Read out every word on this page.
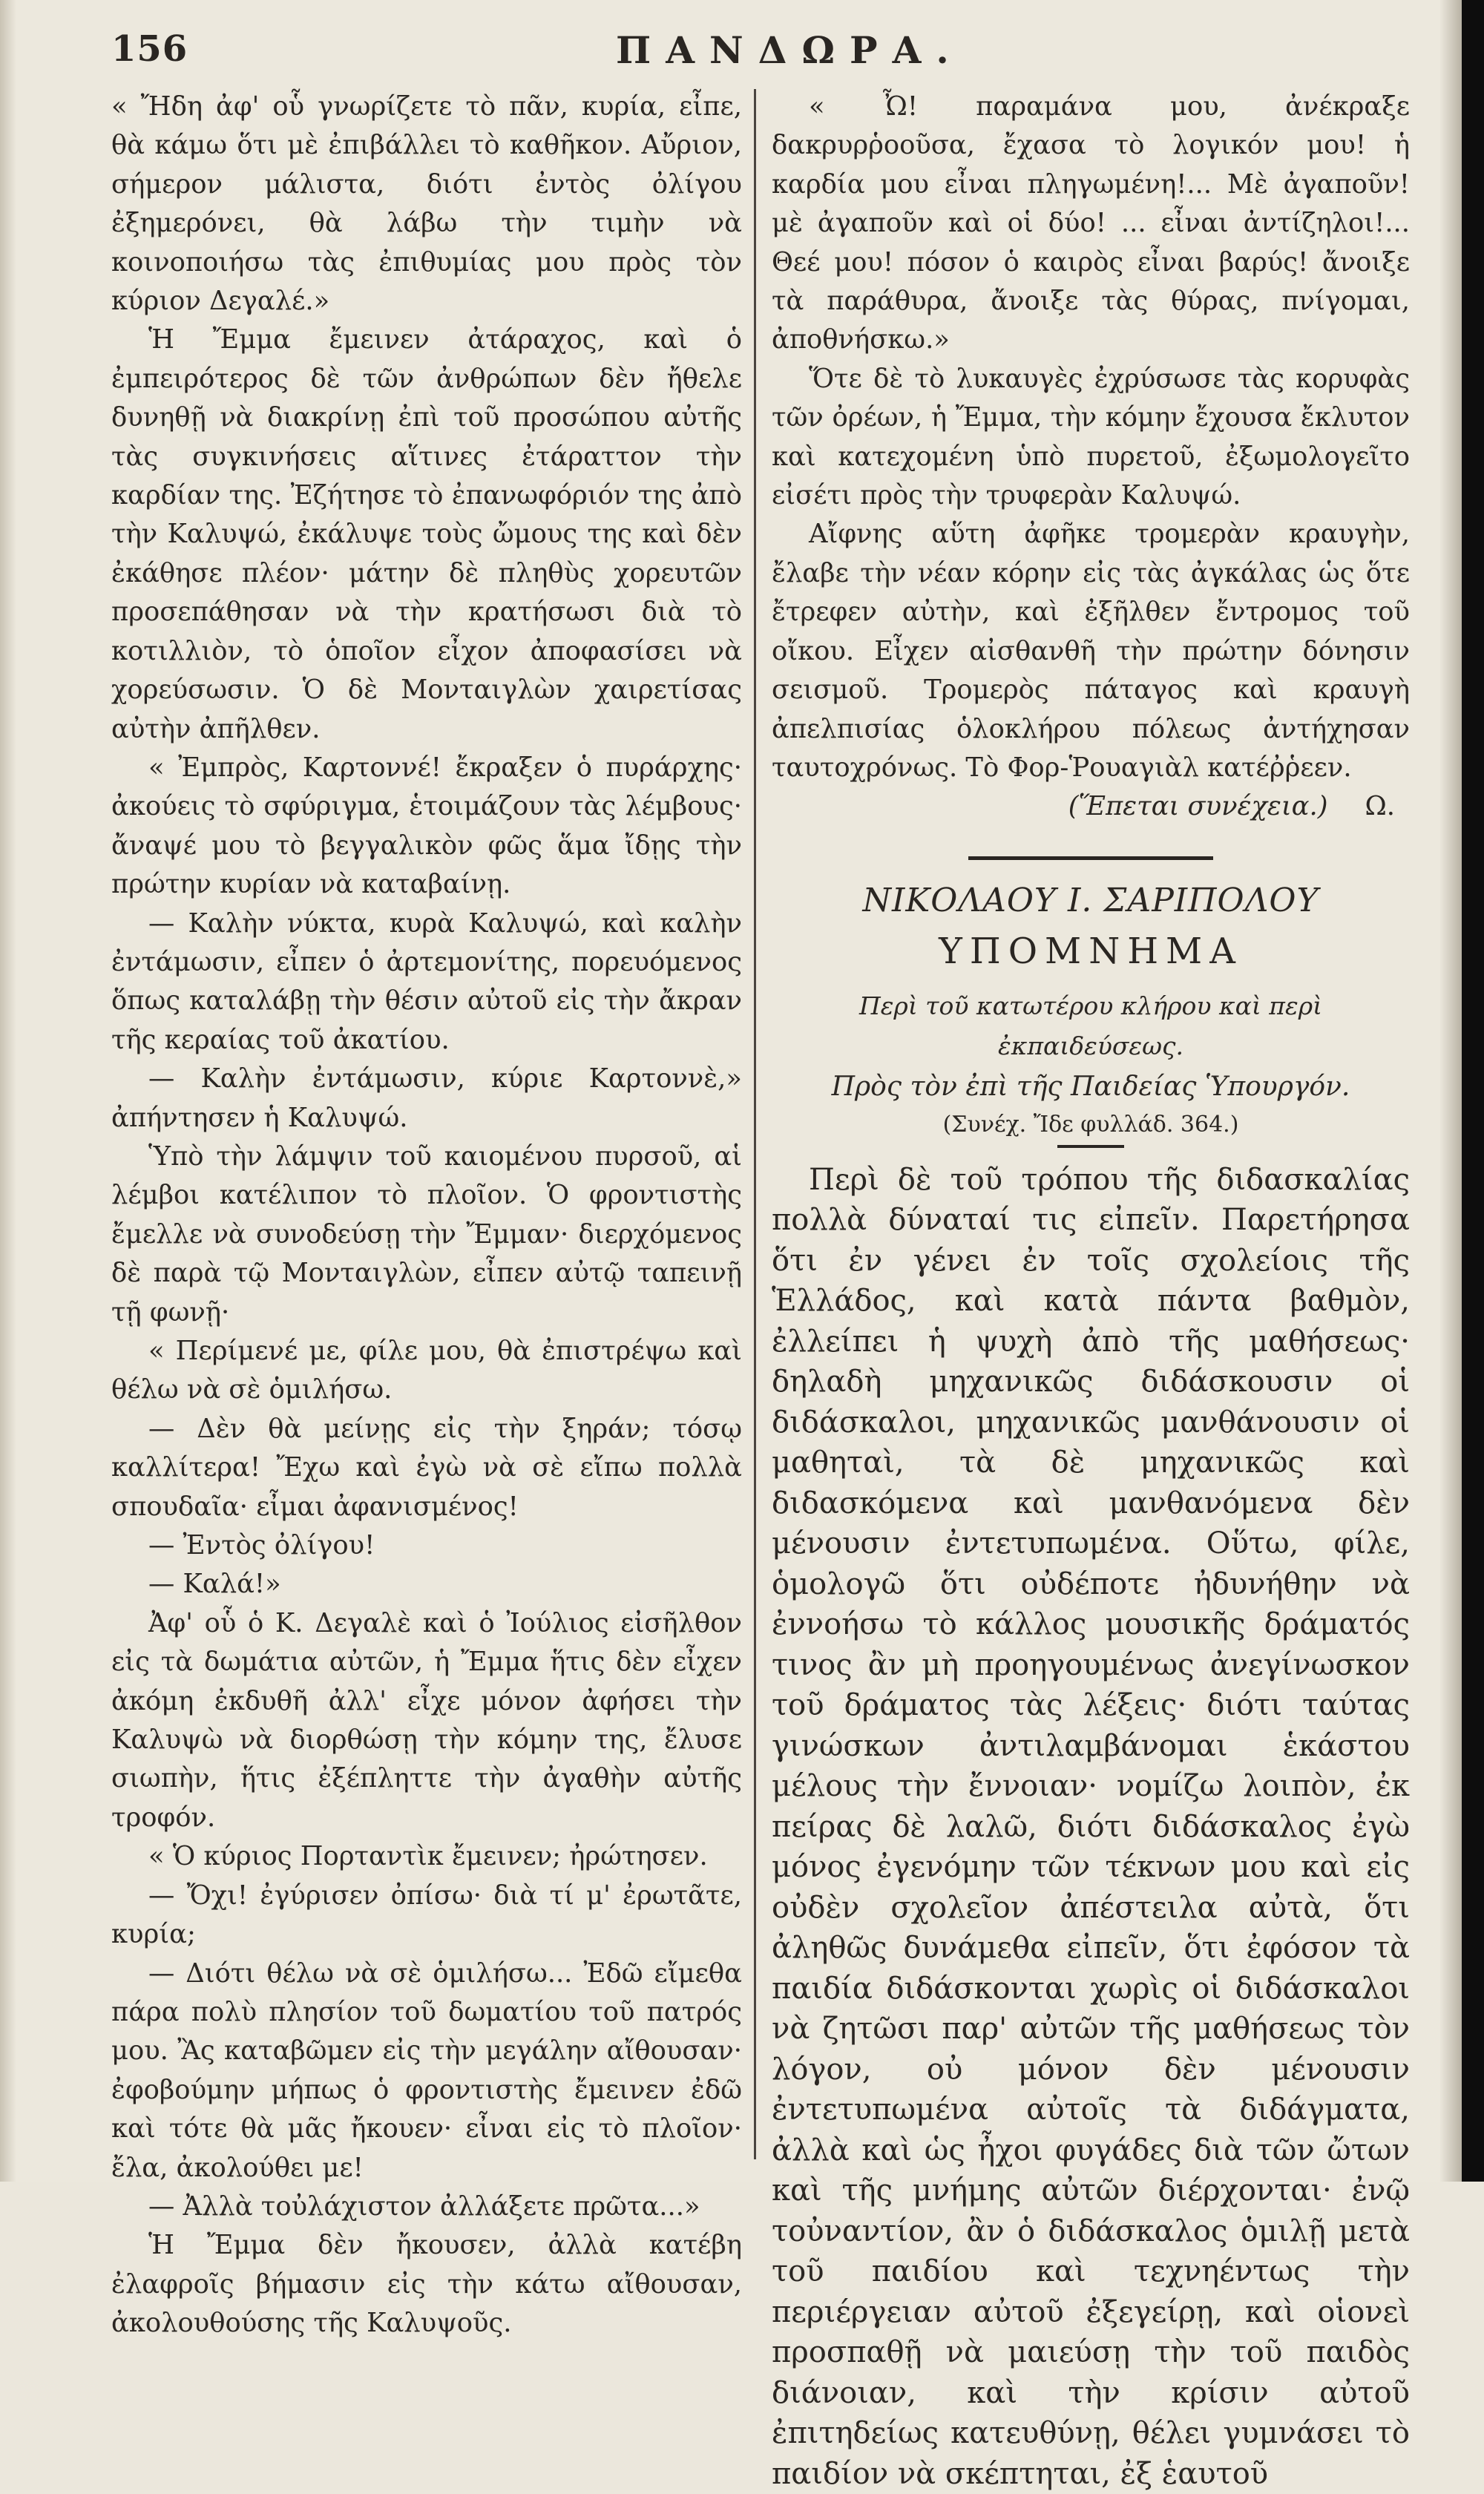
156	ΠΑΝΔΩΡΑ.

« Ἤδη ἀφ' οὗ γνωρίζετε τὸ πᾶν, κυρία, εἶπε, θὰ κάμω ὅτι μὲ ἐπιβάλλει τὸ καθῆκον. Αὔριον, σήμερον μάλιστα, διότι ἐντὸς ὀλίγου ἐξημερόνει, θὰ λάβω τὴν τιμὴν νὰ κοινοποιήσω τὰς ἐπιθυμίας μου πρὸς τὸν κύριον Δεγαλέ.»

Ἡ Ἔμμα ἔμεινεν ἀτάραχος, καὶ ὁ ἐμπειρότερος δὲ τῶν ἀνθρώπων δὲν ἤθελε δυνηθῇ νὰ διακρίνῃ ἐπὶ τοῦ προσώπου αὐτῆς τὰς συγκινήσεις αἵτινες ἐτάραττον τὴν καρδίαν της. Ἐζήτησε τὸ ἐπανωφόριόν της ἀπὸ τὴν Καλυψώ, ἐκάλυψε τοὺς ὤμους της καὶ δὲν ἐκάθησε πλέον· μάτην δὲ πληθὺς χορευτῶν προσεπάθησαν νὰ τὴν κρατήσωσι διὰ τὸ κοτιλλιὸν, τὸ ὁποῖον εἶχον ἀποφασίσει νὰ χορεύσωσιν. Ὁ δὲ Μονταιγλὼν χαιρετίσας αὐτὴν ἀπῆλθεν.

« Ἐμπρὸς, Καρτοννέ! ἔκραξεν ὁ πυράρχης· ἀκούεις τὸ σφύριγμα, ἑτοιμάζουν τὰς λέμβους· ἄναψέ μου τὸ βεγγαλικὸν φῶς ἅμα ἴδῃς τὴν πρώτην κυρίαν νὰ καταβαίνῃ.

— Καλὴν νύκτα, κυρὰ Καλυψώ, καὶ καλὴν ἐντάμωσιν, εἶπεν ὁ ἀρτεμονίτης, πορευόμενος ὅπως καταλάβῃ τὴν θέσιν αὐτοῦ εἰς τὴν ἄκραν τῆς κεραίας τοῦ ἀκατίου.

— Καλὴν ἐντάμωσιν, κύριε Καρτοννὲ,» ἀπήντησεν ἡ Καλυψώ.

Ὑπὸ τὴν λάμψιν τοῦ καιομένου πυρσοῦ, αἱ λέμβοι κατέλιπον τὸ πλοῖον. Ὁ φροντιστὴς ἔμελλε νὰ συνοδεύσῃ τὴν Ἔμμαν· διερχόμενος δὲ παρὰ τῷ Μονταιγλὼν, εἶπεν αὐτῷ ταπεινῇ τῇ φωνῇ·

« Περίμενέ με, φίλε μου, θὰ ἐπιστρέψω καὶ θέλω νὰ σὲ ὁμιλήσω.

— Δὲν θὰ μείνῃς εἰς τὴν ξηράν; τόσῳ καλλίτερα! Ἔχω καὶ ἐγὼ νὰ σὲ εἴπω πολλὰ σπουδαῖα· εἶμαι ἀφανισμένος!

— Ἐντὸς ὀλίγου!

— Καλά!»

Ἀφ' οὗ ὁ Κ. Δεγαλὲ καὶ ὁ Ἰούλιος εἰσῆλθον εἰς τὰ δωμάτια αὐτῶν, ἡ Ἔμμα ἥτις δὲν εἶχεν ἀκόμη ἐκδυθῆ ἀλλ' εἶχε μόνον ἀφήσει τὴν Καλυψὼ νὰ διορθώσῃ τὴν κόμην της, ἔλυσε σιωπὴν, ἥτις ἐξέπληττε τὴν ἀγαθὴν αὐτῆς τροφόν.

« Ὁ κύριος Πορταντὶκ ἔμεινεν; ἠρώτησεν.

— Ὄχι! ἐγύρισεν ὀπίσω· διὰ τί μ' ἐρωτᾶτε, κυρία;

— Διότι θέλω νὰ σὲ ὁμιλήσω... Ἐδῶ εἴμεθα πάρα πολὺ πλησίον τοῦ δωματίου τοῦ πατρός μου. Ἂς καταβῶμεν εἰς τὴν μεγάλην αἴθουσαν· ἐφοβούμην μήπως ὁ φροντιστὴς ἔμεινεν ἐδῶ καὶ τότε θὰ μᾶς ἤκουεν· εἶναι εἰς τὸ πλοῖον· ἔλα, ἀκολούθει με!

— Ἀλλὰ τοὐλάχιστον ἀλλάξετε πρῶτα...»

Ἡ Ἔμμα δὲν ἤκουσεν, ἀλλὰ κατέβη ἐλαφροῖς βήμασιν εἰς τὴν κάτω αἴθουσαν, ἀκολουθούσης τῆς Καλυψοῦς.

« Ὦ! παραμάνα μου, ἀνέκραξε δακρυρῥοοῦσα, ἔχασα τὸ λογικόν μου! ἡ καρδία μου εἶναι πληγωμένη!... Μὲ ἀγαποῦν! μὲ ἀγαποῦν καὶ οἱ δύο! ... εἶναι ἀντίζηλοι!... Θεέ μου! πόσον ὁ καιρὸς εἶναι βαρύς! ἄνοιξε τὰ παράθυρα, ἄνοιξε τὰς θύρας, πνίγομαι, ἀποθνήσκω.»

Ὅτε δὲ τὸ λυκαυγὲς ἐχρύσωσε τὰς κορυφὰς τῶν ὀρέων, ἡ Ἔμμα, τὴν κόμην ἔχουσα ἔκλυτον καὶ κατεχομένη ὑπὸ πυρετοῦ, ἐξωμολογεῖτο εἰσέτι πρὸς τὴν τρυφερὰν Καλυψώ.

Αἴφνης αὕτη ἀφῆκε τρομερὰν κραυγὴν, ἔλαβε τὴν νέαν κόρην εἰς τὰς ἀγκάλας ὡς ὅτε ἔτρεφεν αὐτὴν, καὶ ἐξῆλθεν ἔντρομος τοῦ οἴκου. Εἶχεν αἰσθανθῆ τὴν πρώτην δόνησιν σεισμοῦ. Τρομερὸς πάταγος καὶ κραυγὴ ἀπελπισίας ὁλοκλήρου πόλεως ἀντήχησαν ταυτοχρόνως. Τὸ Φορ-Ῥουαγιὰλ κατέῤῥεεν.

(Ἕπεται συνέχεια.) Ω.
ΝΙΚΟΛΑΟΥ Ι. ΣΑΡΙΠΟΛΟΥ
ΥΠΟΜΝΗΜΑ
Περὶ τοῦ κατωτέρου κλήρου καὶ περὶ ἐκπαιδεύσεως.
Πρὸς τὸν ἐπὶ τῆς Παιδείας Ὑπουργόν.
(Συνέχ. Ἴδε φυλλάδ. 364.)

Περὶ δὲ τοῦ τρόπου τῆς διδασκαλίας πολλὰ δύναταί τις εἰπεῖν. Παρετήρησα ὅτι ἐν γένει ἐν τοῖς σχολείοις τῆς Ἑλλάδος, καὶ κατὰ πάντα βαθμὸν, ἐλλείπει ἡ ψυχὴ ἀπὸ τῆς μαθήσεως· δηλαδὴ μηχανικῶς διδάσκουσιν οἱ διδάσκαλοι, μηχανικῶς μανθάνουσιν οἱ μαθηταὶ, τὰ δὲ μηχανικῶς καὶ διδασκόμενα καὶ μανθανόμενα δὲν μένουσιν ἐντετυπωμένα. Οὕτω, φίλε, ὁμολογῶ ὅτι οὐδέποτε ἠδυνήθην νὰ ἐννοήσω τὸ κάλλος μουσικῆς δράματός τινος ἂν μὴ προηγουμένως ἀνεγίνωσκον τοῦ δράματος τὰς λέξεις· διότι ταύτας γινώσκων ἀντιλαμβάνομαι ἑκάστου μέλους τὴν ἔννοιαν· νομίζω λοιπὸν, ἐκ πείρας δὲ λαλῶ, διότι διδάσκαλος ἐγὼ μόνος ἐγενόμην τῶν τέκνων μου καὶ εἰς οὐδὲν σχολεῖον ἀπέστειλα αὐτὰ, ὅτι ἀληθῶς δυνάμεθα εἰπεῖν, ὅτι ἐφόσον τὰ παιδία διδάσκονται χωρὶς οἱ διδάσκαλοι νὰ ζητῶσι παρ' αὐτῶν τῆς μαθήσεως τὸν λόγον, οὐ μόνον δὲν μένουσιν ἐντετυπωμένα αὐτοῖς τὰ διδάγματα, ἀλλὰ καὶ ὡς ἦχοι φυγάδες διὰ τῶν ὤτων καὶ τῆς μνήμης αὐτῶν διέρχονται· ἐνῷ τοὐναντίον, ἂν ὁ διδάσκαλος ὁμιλῇ μετὰ τοῦ παιδίου καὶ τεχνηέντως τὴν περιέργειαν αὐτοῦ ἐξεγείρῃ, καὶ οἱονεὶ προσπαθῇ νὰ μαιεύσῃ τὴν τοῦ παιδὸς διάνοιαν, καὶ τὴν κρίσιν αὐτοῦ ἐπιτηδείως κατευθύνῃ, θέλει γυμνάσει τὸ παιδίον νὰ σκέπτηται, ἐξ ἑαυτοῦ
